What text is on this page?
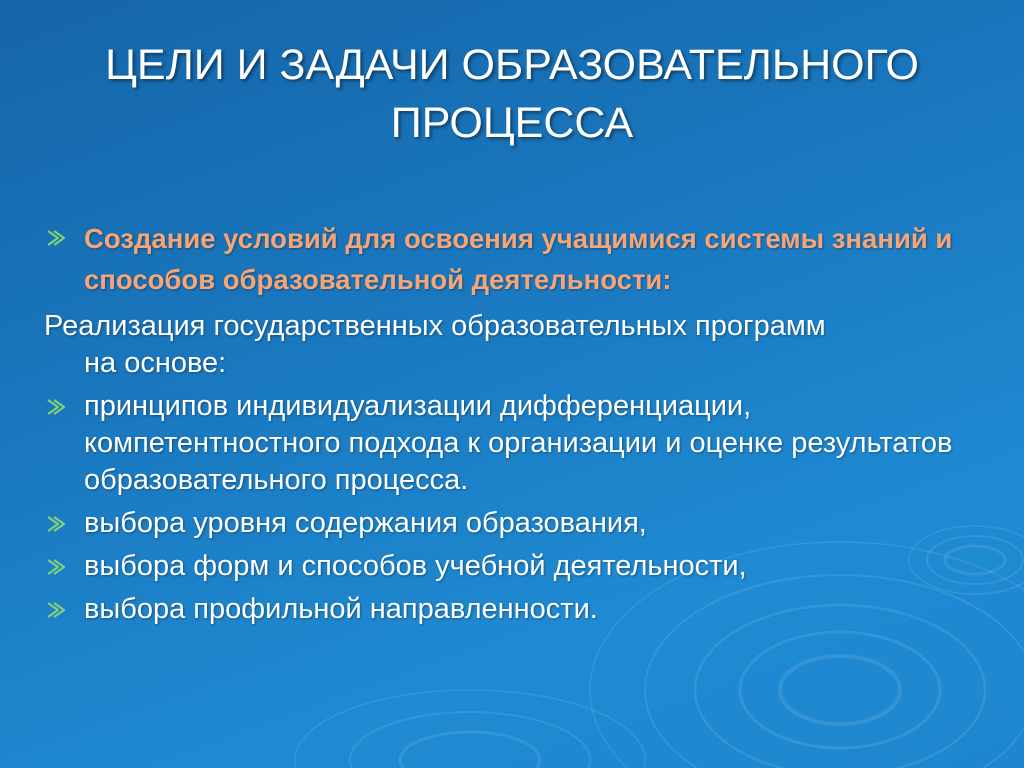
ЦЕЛИ И ЗАДАЧИ ОБРАЗОВАТЕЛЬНОГО
ПРОЦЕССА
Создание условий для освоения учащимися системы знаний и способов образовательной деятельности:
Реализация государственных образовательных программ
на основе:
принципов индивидуализации дифференциации, компетентностного подхода к организации и оценке результатов образовательного процесса.
выбора уровня содержания образования,
выбора форм и способов учебной деятельности,
выбора профильной направленности.
